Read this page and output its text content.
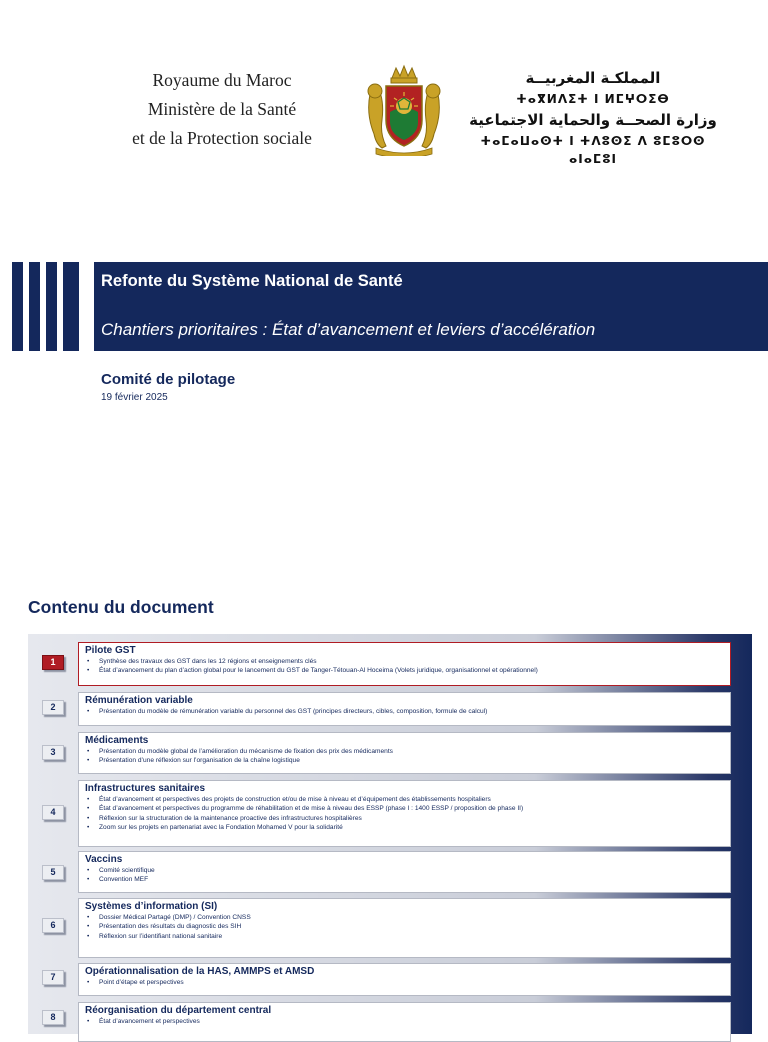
Royaume du Maroc
Ministère de la Santé
et de la Protection sociale
المملكـة المغربيــة
ⵜⴰⴳⵍⴷⵉⵜ ⵏ ⵍⵎⵖⵔⵉⴱ
وزارة الصحــة والحماية الاجتماعية
ⵜⴰⵎⴰⵡⴰⵙⵜ ⵏ ⵜⴷⵓⵙⵉ ⴷ ⵓⵎⵓⵔⵙ ⴰⵏⴰⵎⵓⵏ
Refonte du Système National de Santé
Chantiers prioritaires : État d’avancement et leviers d’accélération
Comité de pilotage
19 février 2025
Contenu du document
Pilote GST
• Synthèse des travaux des GST dans les 12 régions et enseignements clés
• État d’avancement du plan d’action global pour le lancement du GST de Tanger-Tétouan-Al Hoceima (Volets juridique, organisationnel et opérationnel)
1
Rémunération variable
• Présentation du modèle de rémunération variable du personnel des GST (principes directeurs, cibles, composition, formule de calcul)
2
Médicaments
• Présentation du modèle global de l’amélioration du mécanisme de fixation des prix des médicaments
• Présentation d’une réflexion sur l’organisation de la chaîne logistique
3
Infrastructures sanitaires
• État d’avancement et perspectives des projets de construction et/ou de mise à niveau et d’équipement des établissements hospitaliers
• État d’avancement et perspectives du programme de réhabilitation et de mise à niveau des ESSP (phase I : 1400 ESSP / proposition de phase II)
• Réflexion sur la structuration de la maintenance proactive des infrastructures hospitalières
• Zoom sur les projets en partenariat avec la Fondation Mohamed V pour la solidarité
4
Vaccins
• Comité scientifique
• Convention MEF
5
Systèmes d’information (SI)
• Dossier Médical Partagé (DMP) / Convention CNSS
• Présentation des résultats du diagnostic des SIH
• Réflexion sur l’identifiant national sanitaire
6
Opérationnalisation de la HAS, AMMPS et AMSD
• Point d’étape et perspectives
7
Réorganisation du département central
• État d’avancement et perspectives
8
